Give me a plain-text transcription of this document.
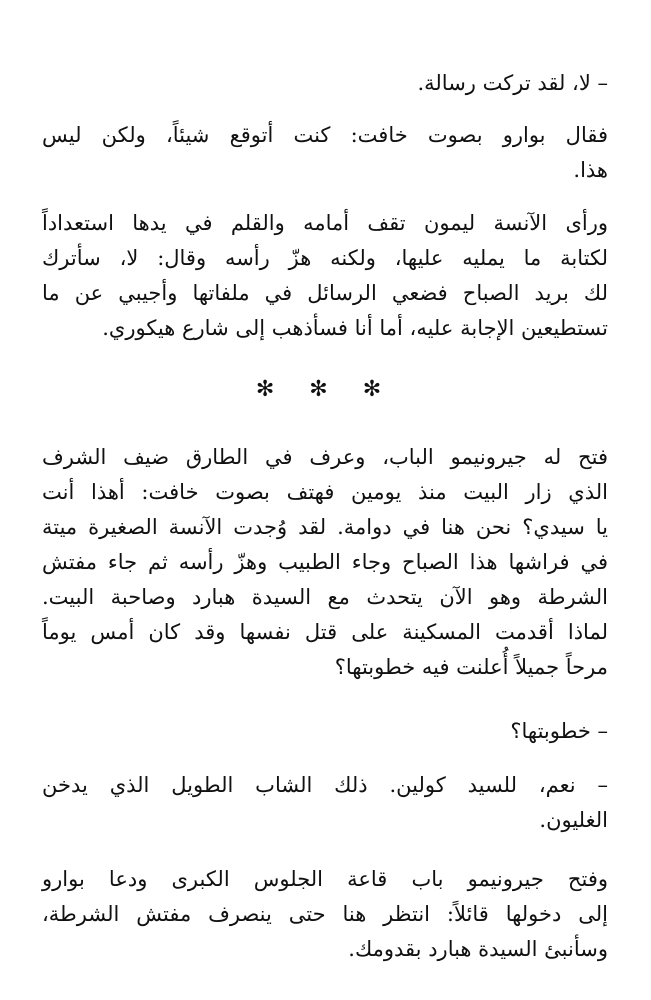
– لا، لقد تركت رسالة.
فقال بوارو بصوت خافت: كنت أتوقع شيئاً، ولكن ليس
هذا.
ورأى الآنسة ليمون تقف أمامه والقلم في يدها استعداداً
لكتابة ما يمليه عليها، ولكنه هزّ رأسه وقال: لا، سأترك
لك بريد الصباح فضعي الرسائل في ملفاتها وأجيبي عن ما
تستطيعين الإجابة عليه، أما أنا فسأذهب إلى شارع هيكوري.
✻ ✻ ✻
فتح له جيرونيمو الباب، وعرف في الطارق ضيف الشرف
الذي زار البيت منذ يومين فهتف بصوت خافت: أهذا أنت
يا سيدي؟ نحن هنا في دوامة. لقد وُجدت الآنسة الصغيرة ميتة
في فراشها هذا الصباح وجاء الطبيب وهزّ رأسه ثم جاء مفتش
الشرطة وهو الآن يتحدث مع السيدة هبارد وصاحبة البيت.
لماذا أقدمت المسكينة على قتل نفسها وقد كان أمس يوماً
مرحاً جميلاً أُعلنت فيه خطوبتها؟
– خطوبتها؟
– نعم، للسيد كولين. ذلك الشاب الطويل الذي يدخن
الغليون.
وفتح جيرونيمو باب قاعة الجلوس الكبرى ودعا بوارو
إلى دخولها قائلاً: انتظر هنا حتى ينصرف مفتش الشرطة،
وسأنبئ السيدة هبارد بقدومك.
